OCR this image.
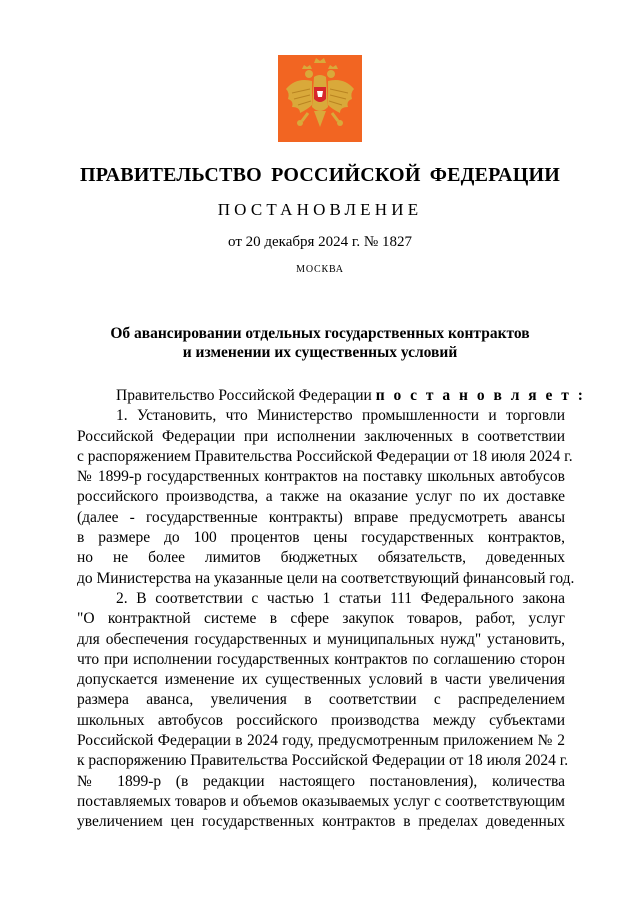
ПРАВИТЕЛЬСТВО РОССИЙСКОЙ ФЕДЕРАЦИИ
ПОСТАНОВЛЕНИЕ
от 20 декабря 2024 г. № 1827
МОСКВА
Об авансировании отдельных государственных контрактов
и изменении их существенных условий
Правительство Российской Федерации п о с т а н о в л я е т :
1. Установить, что Министерство промышленности и торговли
Российской Федерации при исполнении заключенных в соответствии
с распоряжением Правительства Российской Федерации от 18 июля 2024 г.
№ 1899-р государственных контрактов на поставку школьных автобусов
российского производства, а также на оказание услуг по их доставке
(далее - государственные контракты) вправе предусмотреть авансы
в размере до 100 процентов цены государственных контрактов,
но не более лимитов бюджетных обязательств, доведенных
до Министерства на указанные цели на соответствующий финансовый год.
2. В соответствии с частью 1 статьи 111 Федерального закона
"О контрактной системе в сфере закупок товаров, работ, услуг
для обеспечения государственных и муниципальных нужд" установить,
что при исполнении государственных контрактов по соглашению сторон
допускается изменение их существенных условий в части увеличения
размера аванса, увеличения в соответствии с распределением
школьных автобусов российского производства между субъектами
Российской Федерации в 2024 году, предусмотренным приложением № 2
к распоряжению Правительства Российской Федерации от 18 июля 2024 г.
№ 1899-р (в редакции настоящего постановления), количества
поставляемых товаров и объемов оказываемых услуг с соответствующим
увеличением цен государственных контрактов в пределах доведенных
